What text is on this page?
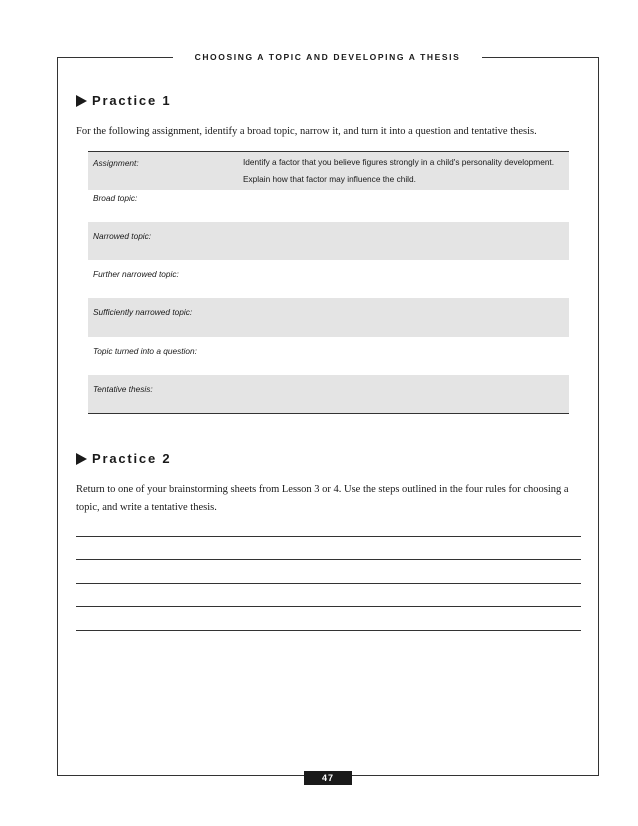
CHOOSING A TOPIC AND DEVELOPING A THESIS
Practice 1
For the following assignment, identify a broad topic, narrow it, and turn it into a question and tentative thesis.
Assignment:	Identify a factor that you believe figures strongly in a child's personality development. Explain how that factor may influence the child.
Broad topic:
Narrowed topic:
Further narrowed topic:
Sufficiently narrowed topic:
Topic turned into a question:
Tentative thesis:
Practice 2
Return to one of your brainstorming sheets from Lesson 3 or 4. Use the steps outlined in the four rules for choosing a topic, and write a tentative thesis.
47
